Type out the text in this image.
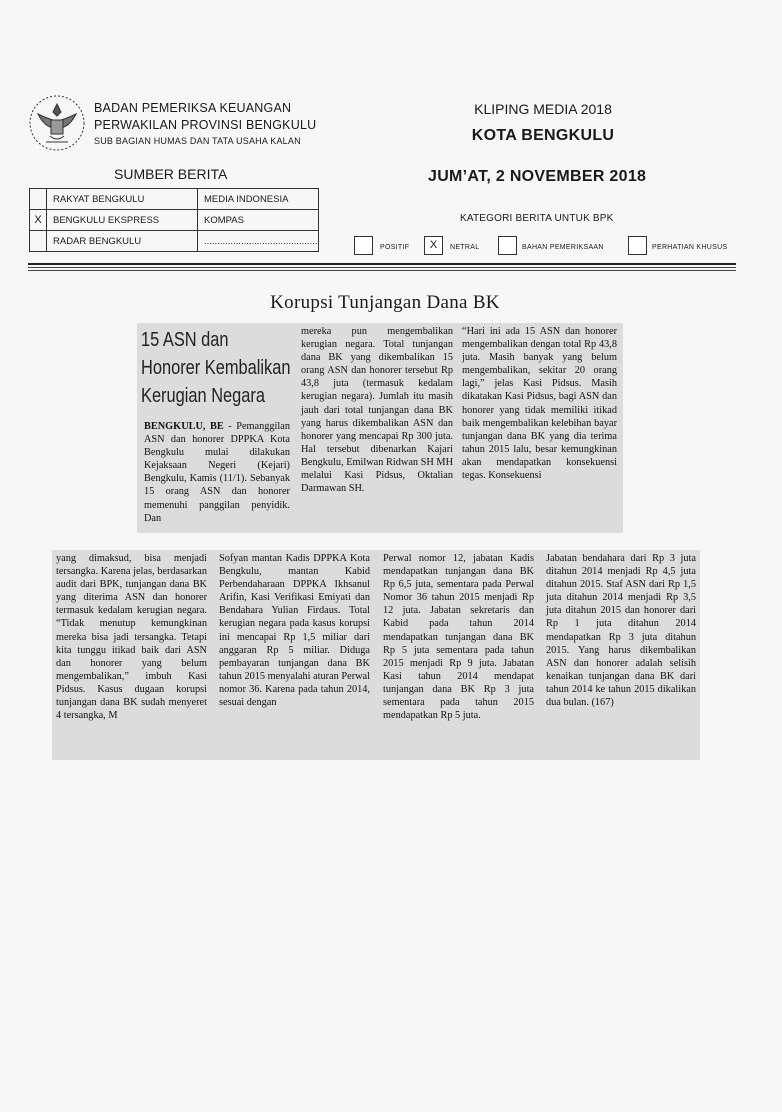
BADAN PEMERIKSA KEUANGAN
PERWAKILAN PROVINSI BENGKULU
SUB BAGIAN HUMAS DAN TATA USAHA KALAN
KLIPING MEDIA 2018
KOTA BENGKULU
SUMBER BERITA	JUM’AT, 2 NOVEMBER 2018
	RAKYAT BENGKULU	MEDIA INDONESIA
X	BENGKULU EKSPRESS	KOMPAS
	RADAR BENGKULU	...........................................
KATEGORI BERITA UNTUK BPK
POSITIF	X	NETRAL	BAHAN PEMERIKSAAN	PERHATIAN KHUSUS
Korupsi Tunjangan Dana BK
15 ASN dan
Honorer Kembalikan
Kerugian Negara

BENGKULU, BE - Pemanggilan ASN dan honorer DPPKA Kota Bengkulu mulai dilakukan Kejaksaan Negeri (Kejari) Bengkulu, Kamis (11/1). Sebanyak 15 orang ASN dan honorer memenuhi panggilan penyidik. Dan

mereka pun mengembalikan kerugian negara. Total tunjangan dana BK yang dikembalikan 15 orang ASN dan honorer tersebut Rp 43,8 juta (termasuk kedalam kerugian negara). Jumlah itu masih jauh dari total tunjangan dana BK yang harus dikembalikan ASN dan honorer yang mencapai Rp 300 juta. Hal tersebut dibenarkan Kajari Bengkulu, Emilwan Ridwan SH MH melalui Kasi Pidsus, Oktalian Darmawan SH.

“Hari ini ada 15 ASN dan honorer mengembalikan dengan total Rp 43,8 juta. Masih banyak yang belum mengembalikan, sekitar 20 orang lagi,” jelas Kasi Pidsus. Masih dikatakan Kasi Pidsus, bagi ASN dan honorer yang tidak memiliki itikad baik mengembalikan kelebihan bayar tunjangan dana BK yang dia terima tahun 2015 lalu, besar kemungkinan akan mendapatkan konsekuensi tegas. Konsekuensi

yang dimaksud, bisa menjadi tersangka. Karena jelas, berdasarkan audit dari BPK, tunjangan dana BK yang diterima ASN dan honorer termasuk kedalam kerugian negara. “Tidak menutup kemungkinan mereka bisa jadi tersangka. Tetapi kita tunggu itikad baik dari ASN dan honorer yang belum mengembalikan,” imbuh Kasi Pidsus. Kasus dugaan korupsi tunjangan dana BK sudah menyeret 4 tersangka, M

Sofyan mantan Kadis DPPKA Kota Bengkulu, mantan Kabid Perbendaharaan DPPKA Ikhsanul Arifin, Kasi Verifikasi Emiyati dan Bendahara Yulian Firdaus. Total kerugian negara pada kasus korupsi ini mencapai Rp 1,5 miliar dari anggaran Rp 5 miliar. Diduga pembayaran tunjangan dana BK tahun 2015 menyalahi aturan Perwal nomor 36. Karena pada tahun 2014, sesuai dengan

Perwal nomor 12, jabatan Kadis mendapatkan tunjangan dana BK Rp 6,5 juta, sementara pada Perwal Nomor 36 tahun 2015 menjadi Rp 12 juta. Jabatan sekretaris dan Kabid pada tahun 2014 mendapatkan tunjangan dana BK Rp 5 juta sementara pada tahun 2015 menjadi Rp 9 juta. Jabatan Kasi tahun 2014 mendapat tunjangan dana BK Rp 3 juta sementara pada tahun 2015 mendapatkan Rp 5 juta.

Jabatan bendahara dari Rp 3 juta ditahun 2014 menjadi Rp 4,5 juta ditahun 2015. Staf ASN dari Rp 1,5 juta ditahun 2014 menjadi Rp 3,5 juta ditahun 2015 dan honorer dari Rp 1 juta ditahun 2014 mendapatkan Rp 3 juta ditahun 2015. Yang harus dikembalikan ASN dan honorer adalah selisih kenaikan tunjangan dana BK dari tahun 2014 ke tahun 2015 dikalikan dua bulan. (167)
